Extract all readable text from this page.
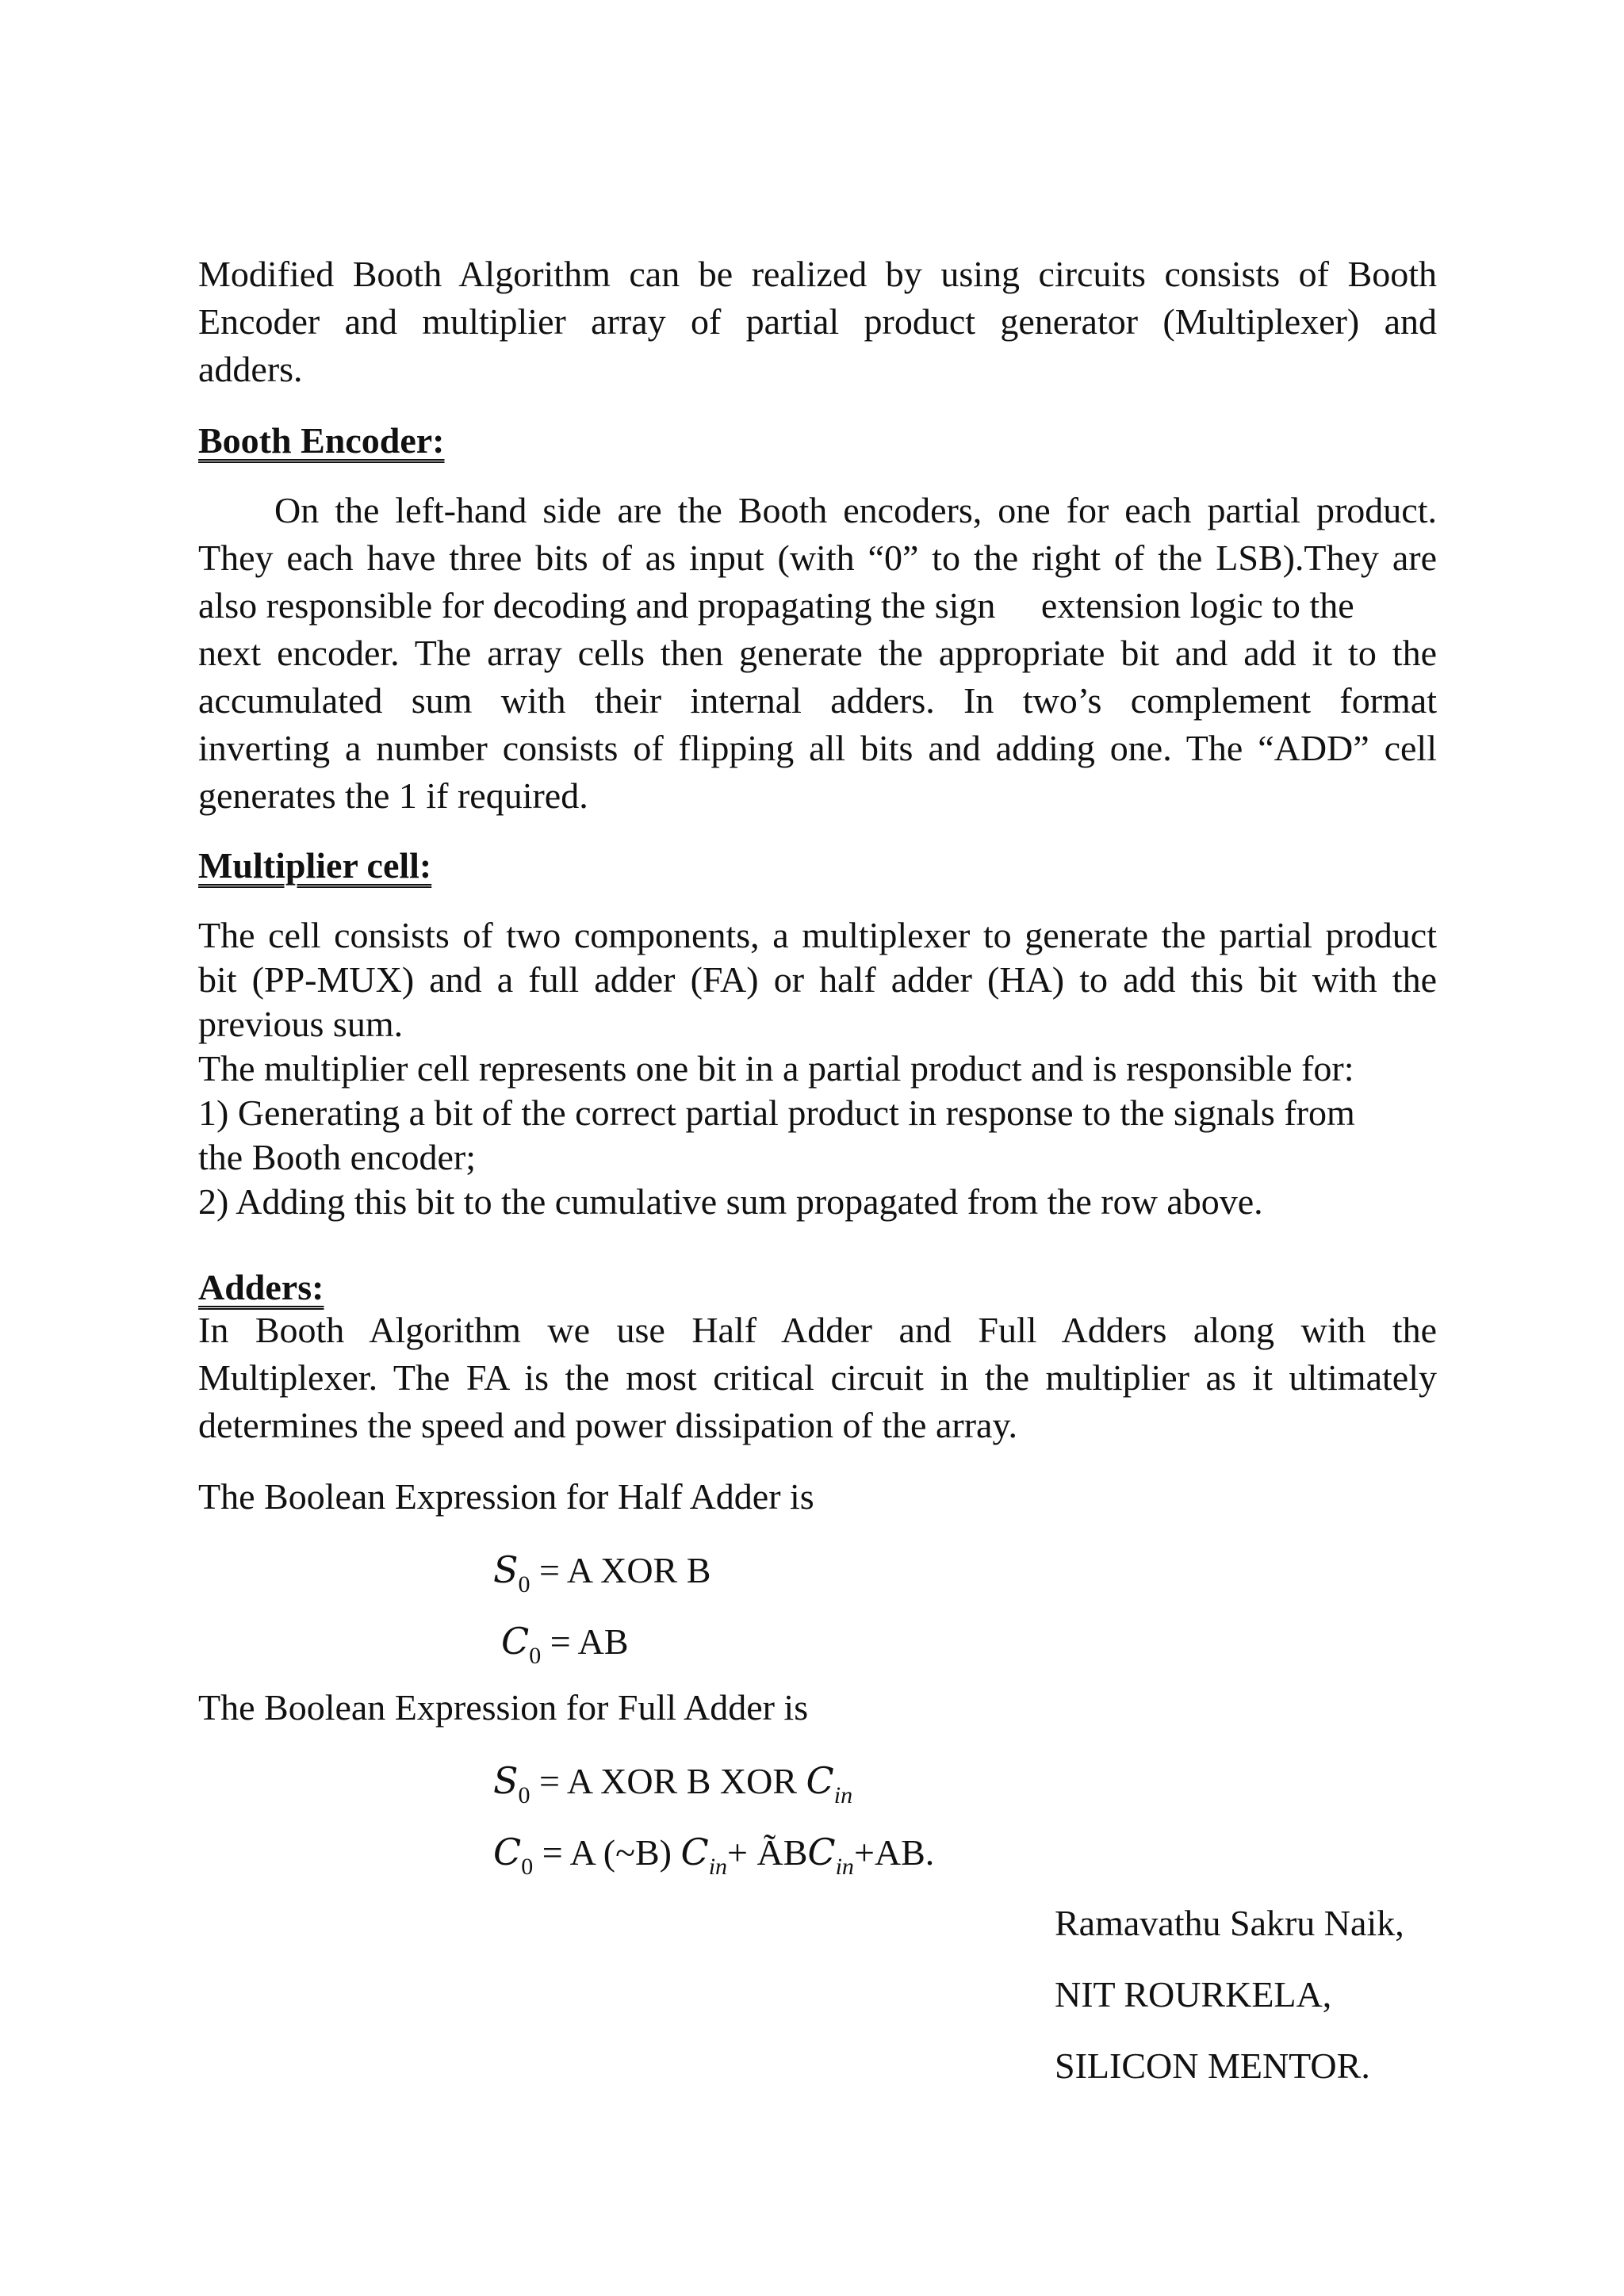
Modified Booth Algorithm can be realized by using circuits consists of Booth

Encoder and multiplier array of partial product generator (Multiplexer) and

adders.

Booth Encoder:

On the left-hand side are the Booth encoders, one for each partial product.

They each have three bits of as input (with “0” to the right of the LSB).They are

also responsible for decoding and propagating the sign     extension logic to the

next encoder. The array cells then generate the appropriate bit and add it to the

accumulated sum with their internal adders. In two’s complement format

inverting a number consists of flipping all bits and adding one. The “ADD” cell

generates the 1 if required.

Multiplier cell:

The cell consists of two components, a multiplexer to generate the partial product

bit (PP-MUX) and a full adder (FA) or half adder (HA) to add this bit with the

previous sum.

The multiplier cell represents one bit in a partial product and is responsible for:

1) Generating a bit of the correct partial product in response to the signals from

the Booth encoder;

2) Adding this bit to the cumulative sum propagated from the row above.

Adders:

In Booth Algorithm we use Half Adder and Full Adders along with the

Multiplexer. The FA is the most critical circuit in the multiplier as it ultimately

determines the speed and power dissipation of the array.

The Boolean Expression for Half Adder is

$S_0 = A$ XOR B
$C_0$ = AB

The Boolean Expression for Full Adder is

$S_0 = A$ XOR B XOR $C_{in}$
$C_0 = A$ (~B) $C_{in}+$ $ÃBC_{in}+AB$.
Ramavathu Sakru Naik,
NIT ROURKELA,
SILICON MENTOR.
